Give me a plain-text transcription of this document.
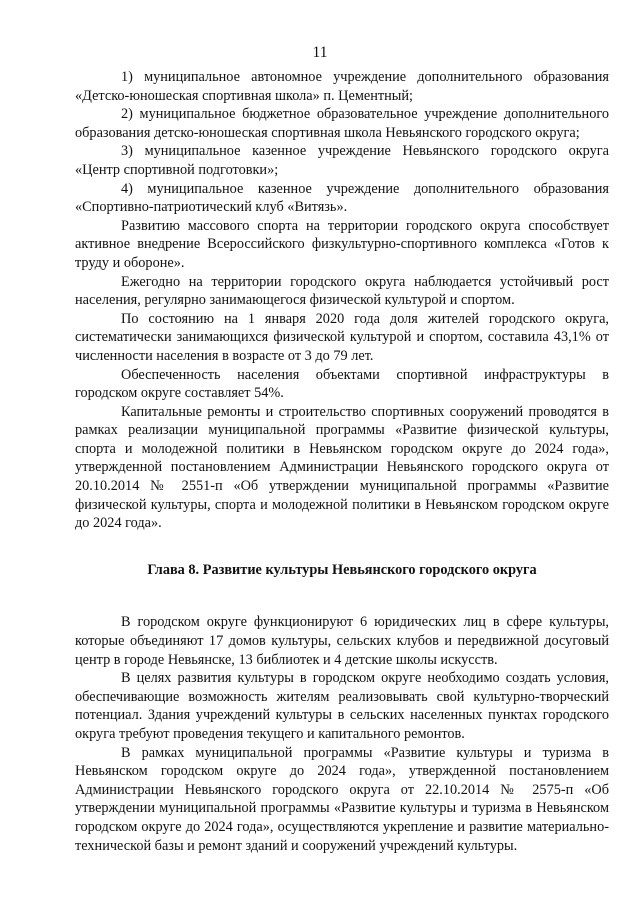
11

1) муниципальное автономное учреждение дополнительного образования «Детско-юношеская спортивная школа» п. Цементный;

2) муниципальное бюджетное образовательное учреждение дополнительного образования детско-юношеская спортивная школа Невьянского городского округа;

3) муниципальное казенное учреждение Невьянского городского округа «Центр спортивной подготовки»;

4) муниципальное казенное учреждение дополнительного образования «Спортивно-патриотический клуб «Витязь».

Развитию массового спорта на территории городского округа способствует активное внедрение Всероссийского физкультурно-спортивного комплекса «Готов к труду и обороне».

Ежегодно на территории городского округа наблюдается устойчивый рост населения, регулярно занимающегося физической культурой и спортом.

По состоянию на 1 января 2020 года доля жителей городского округа, систематически занимающихся физической культурой и спортом, составила 43,1% от численности населения в возрасте от 3 до 79 лет.

Обеспеченность населения объектами спортивной инфраструктуры в городском округе составляет 54%.

Капитальные ремонты и строительство спортивных сооружений проводятся в рамках реализации муниципальной программы «Развитие физической культуры, спорта и молодежной политики в Невьянском городском округе до 2024 года», утвержденной постановлением Администрации Невьянского городского округа от 20.10.2014 № 2551-п «Об утверждении муниципальной программы «Развитие физической культуры, спорта и молодежной политики в Невьянском городском округе до 2024 года».

Глава 8. Развитие культуры Невьянского городского округа

В городском округе функционируют 6 юридических лиц в сфере культуры, которые объединяют 17 домов культуры, сельских клубов и передвижной досуговый центр в городе Невьянске, 13 библиотек и 4 детские школы искусств.

В целях развития культуры в городском округе необходимо создать условия, обеспечивающие возможность жителям реализовывать свой культурно-творческий потенциал. Здания учреждений культуры в сельских населенных пунктах городского округа требуют проведения текущего и капитального ремонтов.

В рамках муниципальной программы «Развитие культуры и туризма в Невьянском городском округе до 2024 года», утвержденной постановлением Администрации Невьянского городского округа от 22.10.2014 № 2575-п «Об утверждении муниципальной программы «Развитие культуры и туризма в Невьянском городском округе до 2024 года», осуществляются укрепление и развитие материально-технической базы и ремонт зданий и сооружений учреждений культуры.
